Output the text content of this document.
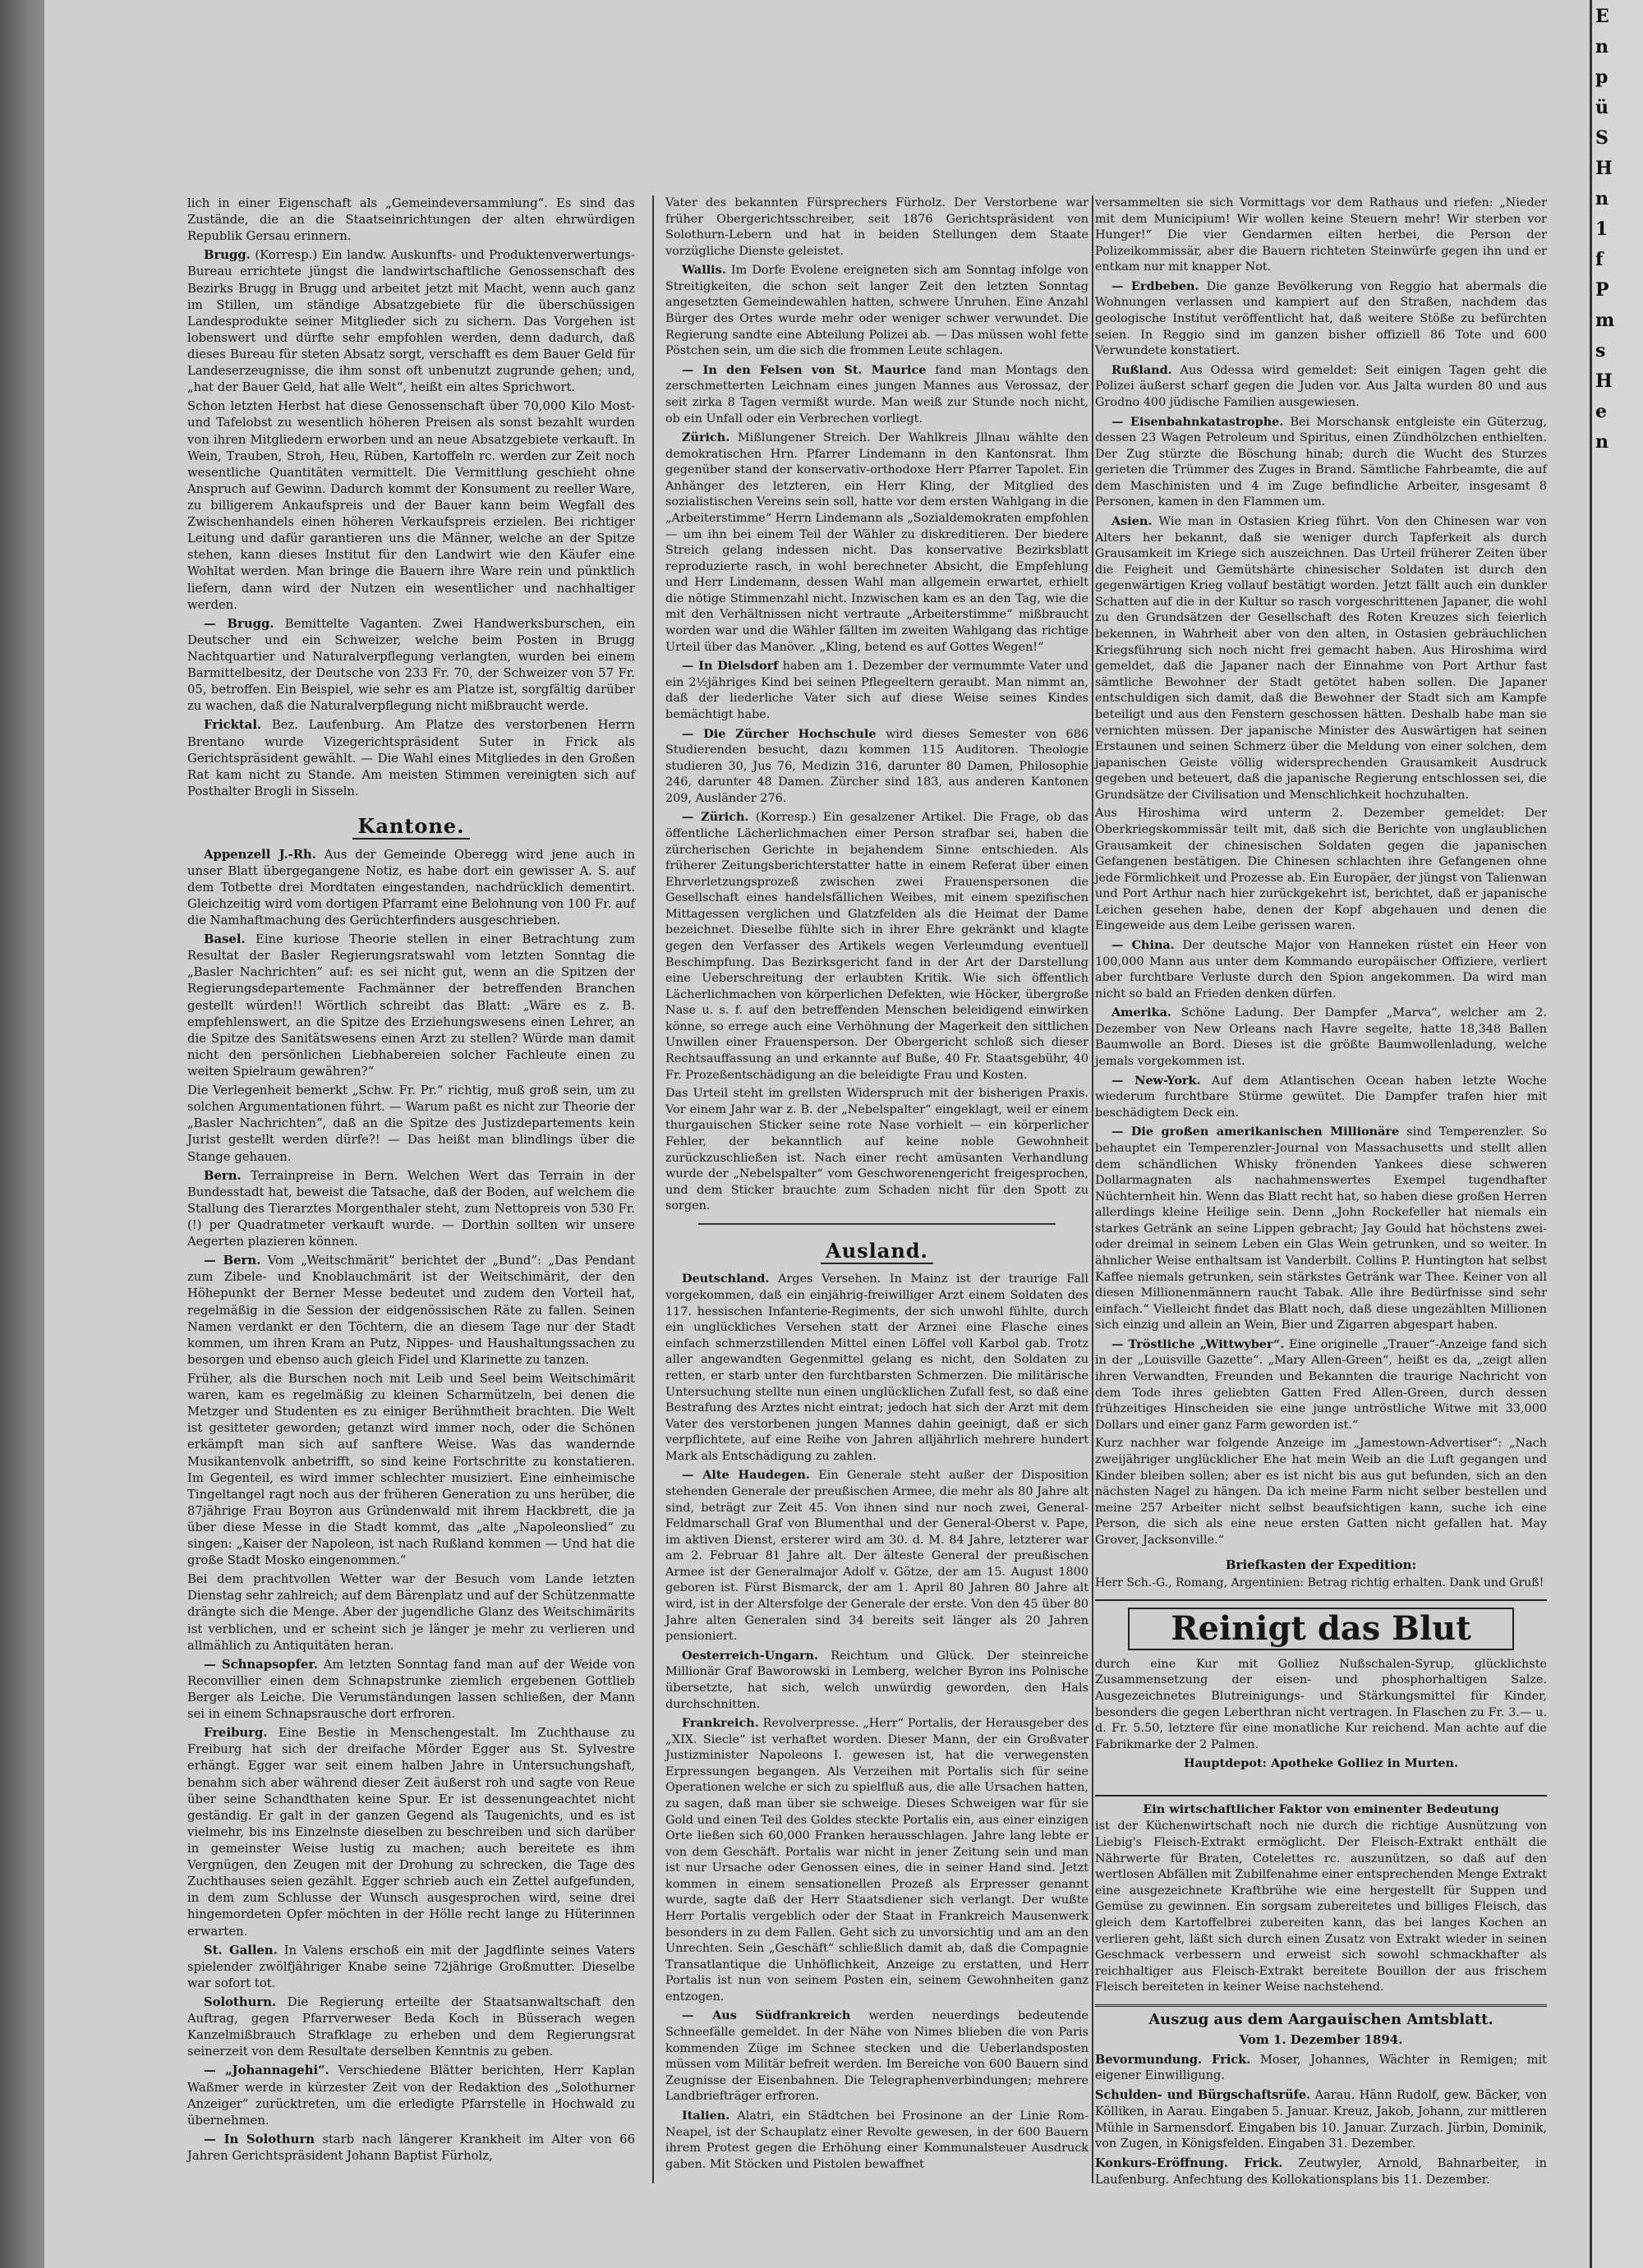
E
n
p
ü
S
H
n
1
f
P
m
s
H
e
n

lich in einer Eigenschaft als „Gemeindeversammlung“. Es sind das Zustände, die an die Staatseinrichtungen der alten ehrwürdigen Republik Gersau erinnern.

Brugg. (Korresp.) Ein landw. Auskunfts- und Produktenverwertungs-Bureau errichtete jüngst die landwirtschaftliche Genossenschaft des Bezirks Brugg in Brugg und arbeitet jetzt mit Macht, wenn auch ganz im Stillen, um ständige Absatzgebiete für die überschüssigen Landesprodukte seiner Mitglieder sich zu sichern. Das Vorgehen ist lobenswert und dürfte sehr empfohlen werden, denn dadurch, daß dieses Bureau für steten Absatz sorgt, verschafft es dem Bauer Geld für Landeserzeugnisse, die ihm sonst oft unbenutzt zugrunde gehen; und, „hat der Bauer Geld, hat alle Welt“, heißt ein altes Sprichwort.

Schon letzten Herbst hat diese Genossenschaft über 70,000 Kilo Most- und Tafelobst zu wesentlich höheren Preisen als sonst bezahlt wurden von ihren Mitgliedern erworben und an neue Absatzgebiete verkauft. In Wein, Trauben, Stroh, Heu, Rüben, Kartoffeln rc. werden zur Zeit noch wesentliche Quantitäten vermittelt. Die Vermittlung geschieht ohne Anspruch auf Gewinn. Dadurch kommt der Konsument zu reeller Ware, zu billigerem Ankaufspreis und der Bauer kann beim Wegfall des Zwischenhandels einen höheren Verkaufspreis erzielen. Bei richtiger Leitung und dafür garantieren uns die Männer, welche an der Spitze stehen, kann dieses Institut für den Landwirt wie den Käufer eine Wohltat werden. Man bringe die Bauern ihre Ware rein und pünktlich liefern, dann wird der Nutzen ein wesentlicher und nachhaltiger werden.

— Brugg. Bemittelte Vaganten. Zwei Handwerksburschen, ein Deutscher und ein Schweizer, welche beim Posten in Brugg Nachtquartier und Naturalverpflegung verlangten, wurden bei einem Barmittelbesitz, der Deutsche von 233 Fr. 70, der Schweizer von 57 Fr. 05, betroffen. Ein Beispiel, wie sehr es am Platze ist, sorgfältig darüber zu wachen, daß die Naturalverpflegung nicht mißbraucht werde.

Fricktal. Bez. Laufenburg. Am Platze des verstorbenen Herrn Brentano wurde Vizegerichtspräsident Suter in Frick als Gerichtspräsident gewählt. — Die Wahl eines Mitgliedes in den Großen Rat kam nicht zu Stande. Am meisten Stimmen vereinigten sich auf Posthalter Brogli in Sisseln.

Kantone.

Appenzell J.-Rh. Aus der Gemeinde Oberegg wird jene auch in unser Blatt übergegangene Notiz, es habe dort ein gewisser A. S. auf dem Totbette drei Mordtaten eingestanden, nachdrücklich dementirt. Gleichzeitig wird vom dortigen Pfarramt eine Belohnung von 100 Fr. auf die Namhaftmachung des Gerüchterfinders ausgeschrieben.

Basel. Eine kuriose Theorie stellen in einer Betrachtung zum Resultat der Basler Regierungsratswahl vom letzten Sonntag die „Basler Nachrichten“ auf: es sei nicht gut, wenn an die Spitzen der Regierungsdepartemente Fachmänner der betreffenden Branchen gestellt würden!! Wörtlich schreibt das Blatt: „Wäre es z. B. empfehlenswert, an die Spitze des Erziehungswesens einen Lehrer, an die Spitze des Sanitätswesens einen Arzt zu stellen? Würde man damit nicht den persönlichen Liebhabereien solcher Fachleute einen zu weiten Spielraum gewähren?“

Die Verlegenheit bemerkt „Schw. Fr. Pr.“ richtig, muß groß sein, um zu solchen Argumentationen führt. — Warum paßt es nicht zur Theorie der „Basler Nachrichten“, daß an die Spitze des Justizdepartements kein Jurist gestellt werden dürfe?! — Das heißt man blindlings über die Stange gehauen.

Bern. Terrainpreise in Bern. Welchen Wert das Terrain in der Bundesstadt hat, beweist die Tatsache, daß der Boden, auf welchem die Stallung des Tierarztes Morgenthaler steht, zum Nettopreis von 530 Fr. (!) per Quadratmeter verkauft wurde. — Dorthin sollten wir unsere Aegerten plazieren können.

— Bern. Vom „Weitschmärit“ berichtet der „Bund“: „Das Pendant zum Zibele- und Knoblauchmärit ist der Weitschimärit, der den Höhepunkt der Berner Messe bedeutet und zudem den Vorteil hat, regelmäßig in die Session der eidgenössischen Räte zu fallen. Seinen Namen verdankt er den Töchtern, die an diesem Tage nur der Stadt kommen, um ihren Kram an Putz, Nippes- und Haushaltungssachen zu besorgen und ebenso auch gleich Fidel und Klarinette zu tanzen.

Früher, als die Burschen noch mit Leib und Seel beim Weitschimärit waren, kam es regelmäßig zu kleinen Scharmützeln, bei denen die Metzger und Studenten es zu einiger Berühmtheit brachten. Die Welt ist gesitteter geworden; getanzt wird immer noch, oder die Schönen erkämpft man sich auf sanftere Weise. Was das wandernde Musikantenvolk anbetrifft, so sind keine Fortschritte zu konstatieren. Im Gegenteil, es wird immer schlechter musiziert. Eine einheimische Tingeltangel ragt noch aus der früheren Generation zu uns herüber, die 87jährige Frau Boyron aus Gründenwald mit ihrem Hackbrett, die ja über diese Messe in die Stadt kommt, das „alte „Napoleonslied“ zu singen: „Kaiser der Napoleon, ist nach Rußland kommen — Und hat die große Stadt Mosko eingenommen.“

Bei dem prachtvollen Wetter war der Besuch vom Lande letzten Dienstag sehr zahlreich; auf dem Bärenplatz und auf der Schützenmatte drängte sich die Menge. Aber der jugendliche Glanz des Weitschimärits ist verblichen, und er scheint sich je länger je mehr zu verlieren und allmählich zu Antiquitäten heran.

— Schnapsopfer. Am letzten Sonntag fand man auf der Weide von Reconvillier einen dem Schnapstrunke ziemlich ergebenen Gottlieb Berger als Leiche. Die Verumständungen lassen schließen, der Mann sei in einem Schnapsrausche dort erfroren.

Freiburg. Eine Bestie in Menschengestalt. Im Zuchthause zu Freiburg hat sich der dreifache Mörder Egger aus St. Sylvestre erhängt. Egger war seit einem halben Jahre in Untersuchungshaft, benahm sich aber während dieser Zeit äußerst roh und sagte von Reue über seine Schandthaten keine Spur. Er ist dessenungeachtet nicht geständig. Er galt in der ganzen Gegend als Taugenichts, und es ist vielmehr, bis ins Einzelnste dieselben zu beschreiben und sich darüber in gemeinster Weise lustig zu machen; auch bereitete es ihm Vergnügen, den Zeugen mit der Drohung zu schrecken, die Tage des Zuchthauses seien gezählt. Egger schrieb auch ein Zettel aufgefunden, in dem zum Schlusse der Wunsch ausgesprochen wird, seine drei hingemordeten Opfer möchten in der Hölle recht lange zu Hüterinnen erwarten.

St. Gallen. In Valens erschoß ein mit der Jagdflinte seines Vaters spielender zwölfjähriger Knabe seine 72jährige Großmutter. Dieselbe war sofort tot.

Solothurn. Die Regierung erteilte der Staatsanwaltschaft den Auftrag, gegen Pfarrverweser Beda Koch in Büsserach wegen Kanzelmißbrauch Strafklage zu erheben und dem Regierungsrat seinerzeit von dem Resultate derselben Kenntnis zu geben.

— „Johannagehi“. Verschiedene Blätter berichten, Herr Kaplan Waßmer werde in kürzester Zeit von der Redaktion des „Solothurner Anzeiger“ zurücktreten, um die erledigte Pfarrstelle in Hochwald zu übernehmen.

— In Solothurn starb nach längerer Krankheit im Alter von 66 Jahren Gerichtspräsident Johann Baptist Fürholz,

Vater des bekannten Fürsprechers Fürholz. Der Verstorbene war früher Obergerichtsschreiber, seit 1876 Gerichtspräsident von Solothurn-Lebern und hat in beiden Stellungen dem Staate vorzügliche Dienste geleistet.

Wallis. Im Dorfe Evolene ereigneten sich am Sonntag infolge von Streitigkeiten, die schon seit langer Zeit den letzten Sonntag angesetzten Gemeindewahlen hatten, schwere Unruhen. Eine Anzahl Bürger des Ortes wurde mehr oder weniger schwer verwundet. Die Regierung sandte eine Abteilung Polizei ab. — Das müssen wohl fette Pöstchen sein, um die sich die frommen Leute schlagen.

— In den Felsen von St. Maurice fand man Montags den zerschmetterten Leichnam eines jungen Mannes aus Verossaz, der seit zirka 8 Tagen vermißt wurde. Man weiß zur Stunde noch nicht, ob ein Unfall oder ein Verbrechen vorliegt.

Zürich. Mißlungener Streich. Der Wahlkreis Jllnau wählte den demokratischen Hrn. Pfarrer Lindemann in den Kantonsrat. Ihm gegenüber stand der konservativ-orthodoxe Herr Pfarrer Tapolet. Ein Anhänger des letzteren, ein Herr Kling, der Mitglied des sozialistischen Vereins sein soll, hatte vor dem ersten Wahlgang in die „Arbeiterstimme“ Herrn Lindemann als „Sozialdemokraten empfohlen — um ihn bei einem Teil der Wähler zu diskreditieren. Der biedere Streich gelang indessen nicht. Das konservative Bezirksblatt reproduzierte rasch, in wohl berechneter Absicht, die Empfehlung und Herr Lindemann, dessen Wahl man allgemein erwartet, erhielt die nötige Stimmenzahl nicht. Inzwischen kam es an den Tag, wie die mit den Verhältnissen nicht vertraute „Arbeiterstimme“ mißbraucht worden war und die Wähler fällten im zweiten Wahlgang das richtige Urteil über das Manöver. „Kling, betend es auf Gottes Wegen!“

— In Dielsdorf haben am 1. Dezember der vermummte Vater und ein 2½jähriges Kind bei seinen Pflegeeltern geraubt. Man nimmt an, daß der liederliche Vater sich auf diese Weise seines Kindes bemächtigt habe.

— Die Zürcher Hochschule wird dieses Semester von 686 Studierenden besucht, dazu kommen 115 Auditoren. Theologie studieren 30, Jus 76, Medizin 316, darunter 80 Damen, Philosophie 246, darunter 48 Damen. Zürcher sind 183, aus anderen Kantonen 209, Ausländer 276.

— Zürich. (Korresp.) Ein gesalzener Artikel. Die Frage, ob das öffentliche Lächerlichmachen einer Person strafbar sei, haben die zürcherischen Gerichte in bejahendem Sinne entschieden. Als früherer Zeitungsberichterstatter hatte in einem Referat über einen Ehrverletzungsprozeß zwischen zwei Frauenspersonen die Gesellschaft eines handelsfällichen Weibes, mit einem spezifischen Mittagessen verglichen und Glatzfelden als die Heimat der Dame bezeichnet. Dieselbe fühlte sich in ihrer Ehre gekränkt und klagte gegen den Verfasser des Artikels wegen Verleumdung eventuell Beschimpfung. Das Bezirksgericht fand in der Art der Darstellung eine Ueberschreitung der erlaubten Kritik. Wie sich öffentlich Lächerlichmachen von körperlichen Defekten, wie Höcker, übergroße Nase u. s. f. auf den betreffenden Menschen beleidigend einwirken könne, so errege auch eine Verhöhnung der Magerkeit den sittlichen Unwillen einer Frauensperson. Der Obergericht schloß sich dieser Rechtsauffassung an und erkannte auf Buße, 40 Fr. Staatsgebühr, 40 Fr. Prozeßentschädigung an die beleidigte Frau und Kosten.

Das Urteil steht im grellsten Widerspruch mit der bisherigen Praxis. Vor einem Jahr war z. B. der „Nebelspalter“ eingeklagt, weil er einem thurgauischen Sticker seine rote Nase vorhielt — ein körperlicher Fehler, der bekanntlich auf keine noble Gewohnheit zurückzuschließen ist. Nach einer recht amüsanten Verhandlung wurde der „Nebelspalter“ vom Geschworenengericht freigesprochen, und dem Sticker brauchte zum Schaden nicht für den Spott zu sorgen.

Ausland.

Deutschland. Arges Versehen. In Mainz ist der traurige Fall vorgekommen, daß ein einjährig-freiwilliger Arzt einem Soldaten des 117. hessischen Infanterie-Regiments, der sich unwohl fühlte, durch ein unglückliches Versehen statt der Arznei eine Flasche eines einfach schmerzstillenden Mittel einen Löffel voll Karbol gab. Trotz aller angewandten Gegenmittel gelang es nicht, den Soldaten zu retten, er starb unter den furchtbarsten Schmerzen. Die militärische Untersuchung stellte nun einen unglücklichen Zufall fest, so daß eine Bestrafung des Arztes nicht eintrat; jedoch hat sich der Arzt mit dem Vater des verstorbenen jungen Mannes dahin geeinigt, daß er sich verpflichtete, auf eine Reihe von Jahren alljährlich mehrere hundert Mark als Entschädigung zu zahlen.

— Alte Haudegen. Ein Generale steht außer der Disposition stehenden Generale der preußischen Armee, die mehr als 80 Jahre alt sind, beträgt zur Zeit 45. Von ihnen sind nur noch zwei, General-Feldmarschall Graf von Blumenthal und der General-Oberst v. Pape, im aktiven Dienst, ersterer wird am 30. d. M. 84 Jahre, letzterer war am 2. Februar 81 Jahre alt. Der älteste General der preußischen Armee ist der Generalmajor Adolf v. Götze, der am 15. August 1800 geboren ist. Fürst Bismarck, der am 1. April 80 Jahren 80 Jahre alt wird, ist in der Altersfolge der Generale der erste. Von den 45 über 80 Jahre alten Generalen sind 34 bereits seit länger als 20 Jahren pensioniert.

Oesterreich-Ungarn. Reichtum und Glück. Der steinreiche Millionär Graf Baworowski in Lemberg, welcher Byron ins Polnische übersetzte, hat sich, welch unwürdig geworden, den Hals durchschnitten.

Frankreich. Revolverpresse. „Herr“ Portalis, der Herausgeber des „XIX. Siecle“ ist verhaftet worden. Dieser Mann, der ein Großvater Justizminister Napoleons I. gewesen ist, hat die verwegensten Erpressungen begangen. Als Verzeihen mit Portalis sich für seine Operationen welche er sich zu spielfluß aus, die alle Ursachen hatten, zu sagen, daß man über sie schweige. Dieses Schweigen war für sie Gold und einen Teil des Goldes steckte Portalis ein, aus einer einzigen Orte ließen sich 60,000 Franken herausschlagen. Jahre lang lebte er von dem Geschäft. Portalis war nicht in jener Zeitung sein und man ist nur Ursache oder Genossen eines, die in seiner Hand sind. Jetzt kommen in einem sensationellen Prozeß als Erpresser genannt wurde, sagte daß der Herr Staatsdiener sich verlangt. Der wußte Herr Portalis vergeblich oder der Staat in Frankreich Mausenwerk besonders in zu dem Fallen. Geht sich zu unvorsichtig und am an den Unrechten. Sein „Geschäft“ schließlich damit ab, daß die Compagnie Transatlantique die Unhöflichkeit, Anzeige zu erstatten, und Herr Portalis ist nun von seinem Posten ein, seinem Gewohnheiten ganz entzogen.

— Aus Südfrankreich werden neuerdings bedeutende Schneefälle gemeldet. In der Nähe von Nimes blieben die von Paris kommenden Züge im Schnee stecken und die Ueberlandsposten müssen vom Militär befreit werden. Im Bereiche von 600 Bauern sind Zeugnisse der Eisenbahnen. Die Telegraphenverbindungen; mehrere Landbriefträger erfroren.

Italien. Alatri, ein Städtchen bei Frosinone an der Linie Rom-Neapel, ist der Schauplatz einer Revolte gewesen, in der 600 Bauern ihrem Protest gegen die Erhöhung einer Kommunalsteuer Ausdruck gaben. Mit Stöcken und Pistolen bewaffnet

versammelten sie sich Vormittags vor dem Rathaus und riefen: „Nieder mit dem Municipium! Wir wollen keine Steuern mehr! Wir sterben vor Hunger!“ Die vier Gendarmen eilten herbei, die Person der Polizeikommissär, aber die Bauern richteten Steinwürfe gegen ihn und er entkam nur mit knapper Not.

— Erdbeben. Die ganze Bevölkerung von Reggio hat abermals die Wohnungen verlassen und kampiert auf den Straßen, nachdem das geologische Institut veröffentlicht hat, daß weitere Stöße zu befürchten seien. In Reggio sind im ganzen bisher offiziell 86 Tote und 600 Verwundete konstatiert.

Rußland. Aus Odessa wird gemeldet: Seit einigen Tagen geht die Polizei äußerst scharf gegen die Juden vor. Aus Jalta wurden 80 und aus Grodno 400 jüdische Familien ausgewiesen.

— Eisenbahnkatastrophe. Bei Morschansk entgleiste ein Güterzug, dessen 23 Wagen Petroleum und Spiritus, einen Zündhölzchen enthielten. Der Zug stürzte die Böschung hinab; durch die Wucht des Sturzes gerieten die Trümmer des Zuges in Brand. Sämtliche Fahrbeamte, die auf dem Maschinisten und 4 im Zuge befindliche Arbeiter, insgesamt 8 Personen, kamen in den Flammen um.

Asien. Wie man in Ostasien Krieg führt. Von den Chinesen war von Alters her bekannt, daß sie weniger durch Tapferkeit als durch Grausamkeit im Kriege sich auszeichnen. Das Urteil früherer Zeiten über die Feigheit und Gemütshärte chinesischer Soldaten ist durch den gegenwärtigen Krieg vollauf bestätigt worden. Jetzt fällt auch ein dunkler Schatten auf die in der Kultur so rasch vorgeschrittenen Japaner, die wohl zu den Grundsätzen der Gesellschaft des Roten Kreuzes sich feierlich bekennen, in Wahrheit aber von den alten, in Ostasien gebräuchlichen Kriegsführung sich noch nicht frei gemacht haben. Aus Hiroshima wird gemeldet, daß die Japaner nach der Einnahme von Port Arthur fast sämtliche Bewohner der Stadt getötet haben sollen. Die Japaner entschuldigen sich damit, daß die Bewohner der Stadt sich am Kampfe beteiligt und aus den Fenstern geschossen hätten. Deshalb habe man sie vernichten müssen. Der japanische Minister des Auswärtigen hat seinen Erstaunen und seinen Schmerz über die Meldung von einer solchen, dem japanischen Geiste völlig widersprechenden Grausamkeit Ausdruck gegeben und beteuert, daß die japanische Regierung entschlossen sei, die Grundsätze der Civilisation und Menschlichkeit hochzuhalten.

Aus Hiroshima wird unterm 2. Dezember gemeldet: Der Oberkriegskommissär teilt mit, daß sich die Berichte von unglaublichen Grausamkeit der chinesischen Soldaten gegen die japanischen Gefangenen bestätigen. Die Chinesen schlachten ihre Gefangenen ohne jede Förmlichkeit und Prozesse ab. Ein Europäer, der jüngst von Talienwan und Port Arthur nach hier zurückgekehrt ist, berichtet, daß er japanische Leichen gesehen habe, denen der Kopf abgehauen und denen die Eingeweide aus dem Leibe gerissen waren.

— China. Der deutsche Major von Hanneken rüstet ein Heer von 100,000 Mann aus unter dem Kommando europäischer Offiziere, verliert aber furchtbare Verluste durch den Spion angekommen. Da wird man nicht so bald an Frieden denken dürfen.

Amerika. Schöne Ladung. Der Dampfer „Marva“, welcher am 2. Dezember von New Orleans nach Havre segelte, hatte 18,348 Ballen Baumwolle an Bord. Dieses ist die größte Baumwollenladung, welche jemals vorgekommen ist.

— New-York. Auf dem Atlantischen Ocean haben letzte Woche wiederum furchtbare Stürme gewütet. Die Dampfer trafen hier mit beschädigtem Deck ein.

— Die großen amerikanischen Millionäre sind Temperenzler. So behauptet ein Temperenzler-Journal von Massachusetts und stellt allen dem schändlichen Whisky frönenden Yankees diese schweren Dollarmagnaten als nachahmenswertes Exempel tugendhafter Nüchternheit hin. Wenn das Blatt recht hat, so haben diese großen Herren allerdings kleine Heilige sein. Denn „John Rockefeller hat niemals ein starkes Getränk an seine Lippen gebracht; Jay Gould hat höchstens zwei- oder dreimal in seinem Leben ein Glas Wein getrunken, und so weiter. In ähnlicher Weise enthaltsam ist Vanderbilt. Collins P. Huntington hat selbst Kaffee niemals getrunken, sein stärkstes Getränk war Thee. Keiner von all diesen Millionenmännern raucht Tabak. Alle ihre Bedürfnisse sind sehr einfach.“ Vielleicht findet das Blatt noch, daß diese ungezählten Millionen sich einzig und allein an Wein, Bier und Zigarren abgespart haben.

— Tröstliche „Wittwyber“. Eine originelle „Trauer“-Anzeige fand sich in der „Louisville Gazette“. „Mary Allen-Green“, heißt es da, „zeigt allen ihren Verwandten, Freunden und Bekannten die traurige Nachricht von dem Tode ihres geliebten Gatten Fred Allen-Green, durch dessen frühzeitiges Hinscheiden sie eine junge untröstliche Witwe mit 33,000 Dollars und einer ganz Farm geworden ist.“

Kurz nachher war folgende Anzeige im „Jamestown-Advertiser“: „Nach zweijähriger unglücklicher Ehe hat mein Weib an die Luft gegangen und Kinder bleiben sollen; aber es ist nicht bis aus gut befunden, sich an den nächsten Nagel zu hängen. Da ich meine Farm nicht selber bestellen und meine 257 Arbeiter nicht selbst beaufsichtigen kann, suche ich eine Person, die sich als eine neue ersten Gatten nicht gefallen hat. May Grover, Jacksonville.“

Briefkasten der Expedition:
Herr Sch.-G., Romang, Argentinien: Betrag richtig erhalten. Dank und Gruß!
Reinigt das Blut

durch eine Kur mit Golliez Nußschalen-Syrup, glücklichste Zusammensetzung der eisen- und phosphorhaltigen Salze. Ausgezeichnetes Blutreinigungs- und Stärkungsmittel für Kinder, besonders die gegen Leberthran nicht vertragen. In Flaschen zu Fr. 3.— u. d. Fr. 5.50, letztere für eine monatliche Kur reichend. Man achte auf die Fabrikmarke der 2 Palmen.

Hauptdepot: Apotheke Golliez in Murten.

Ein wirtschaftlicher Faktor von eminenter Bedeutung

ist der Küchenwirtschaft noch nie durch die richtige Ausnützung von Liebig's Fleisch-Extrakt ermöglicht. Der Fleisch-Extrakt enthält die Nährwerte für Braten, Cotelettes rc. auszunützen, so daß auf den wertlosen Abfällen mit Zubilfenahme einer entsprechenden Menge Extrakt eine ausgezeichnete Kraftbrühe wie eine hergestellt für Suppen und Gemüse zu gewinnen. Ein sorgsam zubereitetes und billiges Fleisch, das gleich dem Kartoffelbrei zubereiten kann, das bei langes Kochen an verlieren geht, läßt sich durch einen Zusatz von Extrakt wieder in seinen Geschmack verbessern und erweist sich sowohl schmackhafter als reichhaltiger aus Fleisch-Extrakt bereitete Bouillon der aus frischem Fleisch bereiteten in keiner Weise nachstehend.

Auszug aus dem Aargauischen Amtsblatt.
Vom 1. Dezember 1894.

Bevormundung. Frick. Moser, Johannes, Wächter in Remigen; mit eigener Einwilligung.

Schulden- und Bürgschaftsrüfe. Aarau. Hänn Rudolf, gew. Bäcker, von Kölliken, in Aarau. Eingaben 5. Januar. Kreuz, Jakob, Johann, zur mittleren Mühle in Sarmensdorf. Eingaben bis 10. Januar. Zurzach. Jürbin, Dominik, von Zugen, in Königsfelden. Eingaben 31. Dezember.

Konkurs-Eröffnung. Frick. Zeutwyler, Arnold, Bahnarbeiter, in Laufenburg. Anfechtung des Kollokationsplans bis 11. Dezember.
